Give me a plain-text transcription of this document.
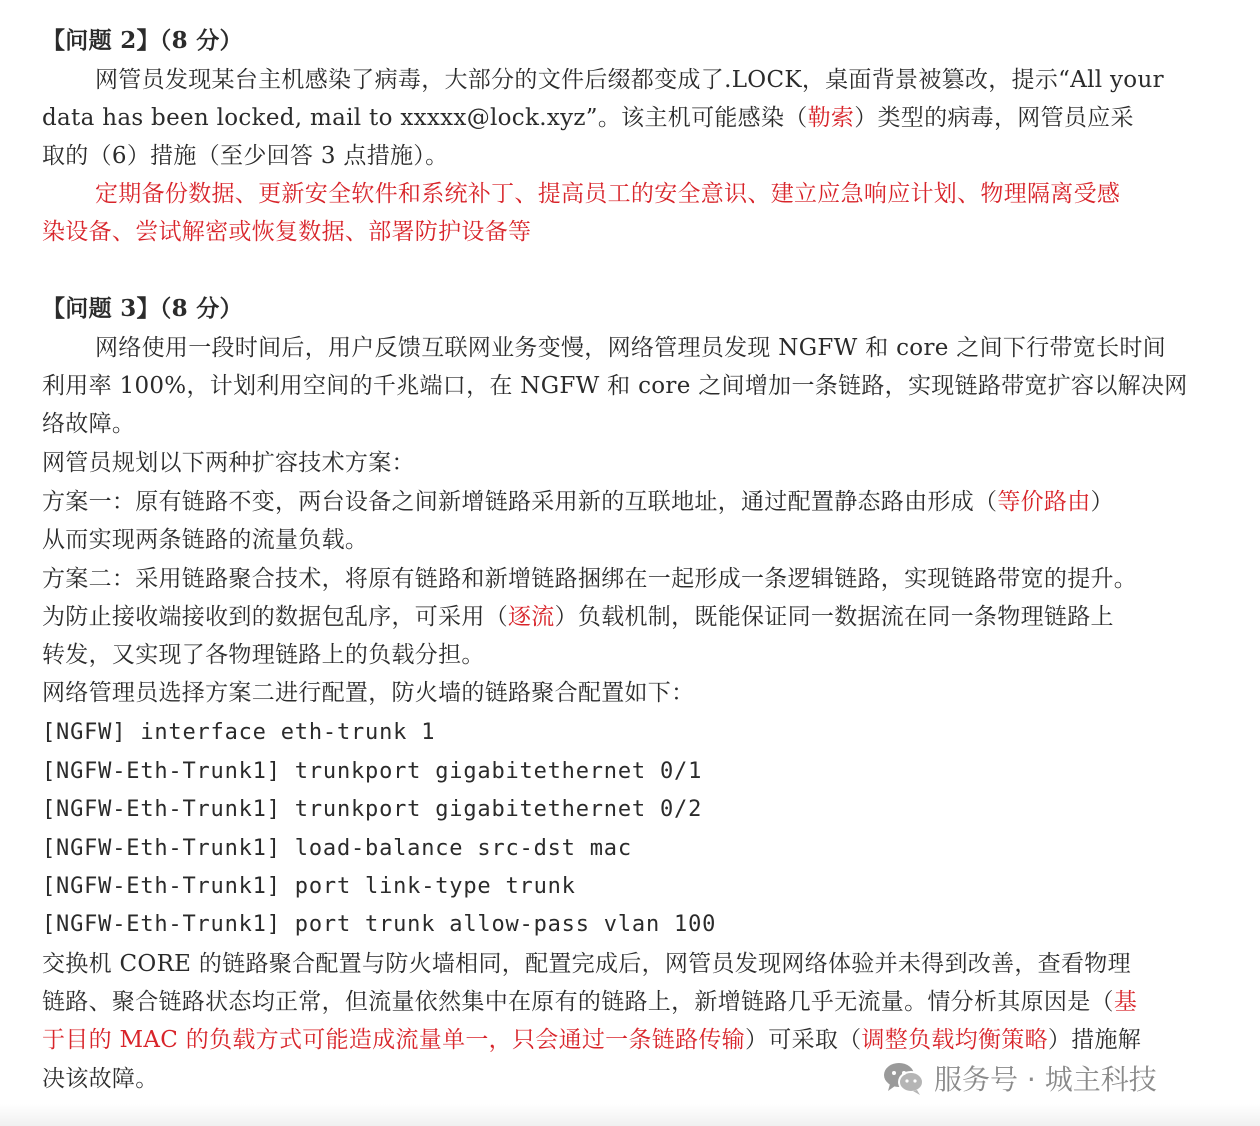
【问题 2】（8 分）
网管员发现某台主机感染了病毒，大部分的文件后缀都变成了.LOCK，桌面背景被篡改，提示“All your
data has been locked, mail to xxxxx@lock.xyz”。该主机可能感染（勒索）类型的病毒，网管员应采
取的（6）措施（至少回答 3 点措施）。
定期备份数据、更新安全软件和系统补丁、提高员工的安全意识、建立应急响应计划、物理隔离受感
染设备、尝试解密或恢复数据、部署防护设备等
【问题 3】（8 分）
网络使用一段时间后，用户反馈互联网业务变慢，网络管理员发现 NGFW 和 core 之间下行带宽长时间
利用率 100%，计划利用空间的千兆端口，在 NGFW 和 core 之间增加一条链路，实现链路带宽扩容以解决网
络故障。
网管员规划以下两种扩容技术方案：
方案一：原有链路不变，两台设备之间新增链路采用新的互联地址，通过配置静态路由形成（等价路由）
从而实现两条链路的流量负载。
方案二：采用链路聚合技术，将原有链路和新增链路捆绑在一起形成一条逻辑链路，实现链路带宽的提升。
为防止接收端接收到的数据包乱序，可采用（逐流）负载机制，既能保证同一数据流在同一条物理链路上
转发，又实现了各物理链路上的负载分担。
网络管理员选择方案二进行配置，防火墙的链路聚合配置如下：
[NGFW] interface eth-trunk 1
[NGFW-Eth-Trunk1] trunkport gigabitethernet 0/1
[NGFW-Eth-Trunk1] trunkport gigabitethernet 0/2
[NGFW-Eth-Trunk1] load-balance src-dst mac
[NGFW-Eth-Trunk1] port link-type trunk
[NGFW-Eth-Trunk1] port trunk allow-pass vlan 100
交换机 CORE 的链路聚合配置与防火墙相同，配置完成后，网管员发现网络体验并未得到改善，查看物理
链路、聚合链路状态均正常，但流量依然集中在原有的链路上，新增链路几乎无流量。情分析其原因是（基
于目的 MAC 的负载方式可能造成流量单一，只会通过一条链路传输）可采取（调整负载均衡策略）措施解
决该故障。	服务号 · 城主科技
